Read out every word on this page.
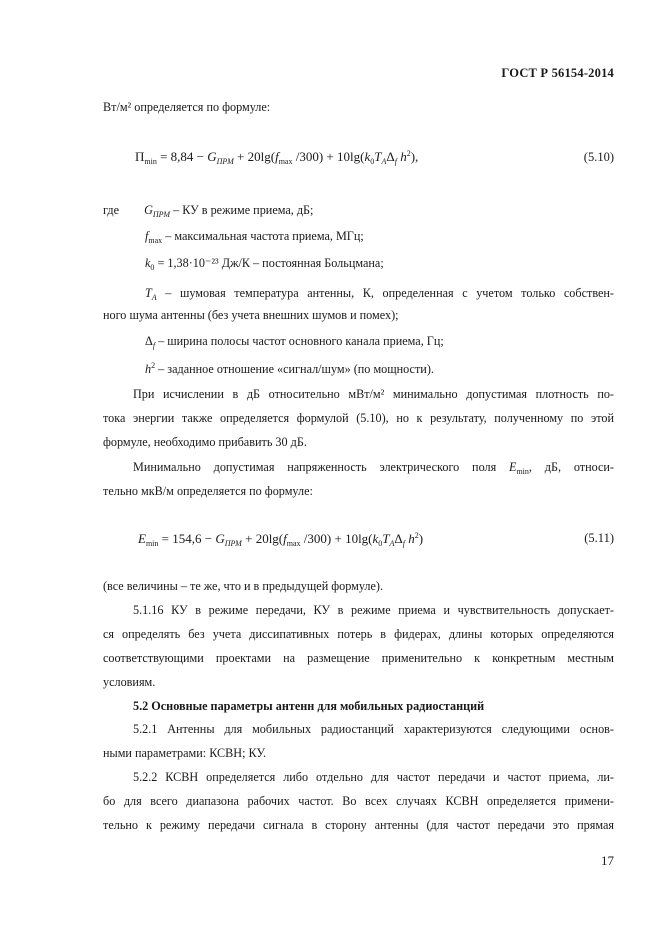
ГОСТ Р 56154-2014
Вт/м² определяется по формуле:
$П_{min} = 8,84 - G_{ПРМ} + 20\lg(f_{max}$ $/300) + 10\lg(k_0T_A\Delta_f$ $h^2$),	(5.10)
где $G_{ПРМ}$ – КУ в режиме приема, дБ;
$f_{max}$ – максимальная частота приема, МГц;
$k_0 = 1,38\cdot 10^{-23}$ Дж/К – постоянная Больцмана;
$T_A$ – шумовая температура антенны, К, определенная с учетом только собствен-
ного шума антенны (без учета внешних шумов и помех);
$\Delta_f$ – ширина полосы частот основного канала приема, Гц;
$h^2$ – заданное отношение «сигнал/шум» (по мощности).
При исчислении в дБ относительно мВт/м² минимально допустимая плотность по-
тока энергии также определяется формулой (5.10), но к результату, полученному по этой
формуле, необходимо прибавить 30 дБ.
Минимально допустимая напряженность электрического поля $E_{min}$, дБ, относи-
тельно мкВ/м определяется по формуле:
$E_{min} = 154,6 - G_{ПРМ} + 20\lg(f_{max}$ $/300) + 10\lg(k_0T_A\Delta_f$ $h^2$)	(5.11)
(все величины – те же, что и в предыдущей формуле).
5.1.16 КУ в режиме передачи, КУ в режиме приема и чувствительность допускает-
ся определять без учета диссипативных потерь в фидерах, длины которых определяются
соответствующими проектами на размещение применительно к конкретным местным
условиям.
5.2 Основные параметры антенн для мобильных радиостанций
5.2.1 Антенны для мобильных радиостанций характеризуются следующими основ-
ными параметрами: КСВН; КУ.
5.2.2 КСВН определяется либо отдельно для частот передачи и частот приема, ли-
бо для всего диапазона рабочих частот. Во всех случаях КСВН определяется примени-
тельно к режиму передачи сигнала в сторону антенны (для частот передачи это прямая
17
